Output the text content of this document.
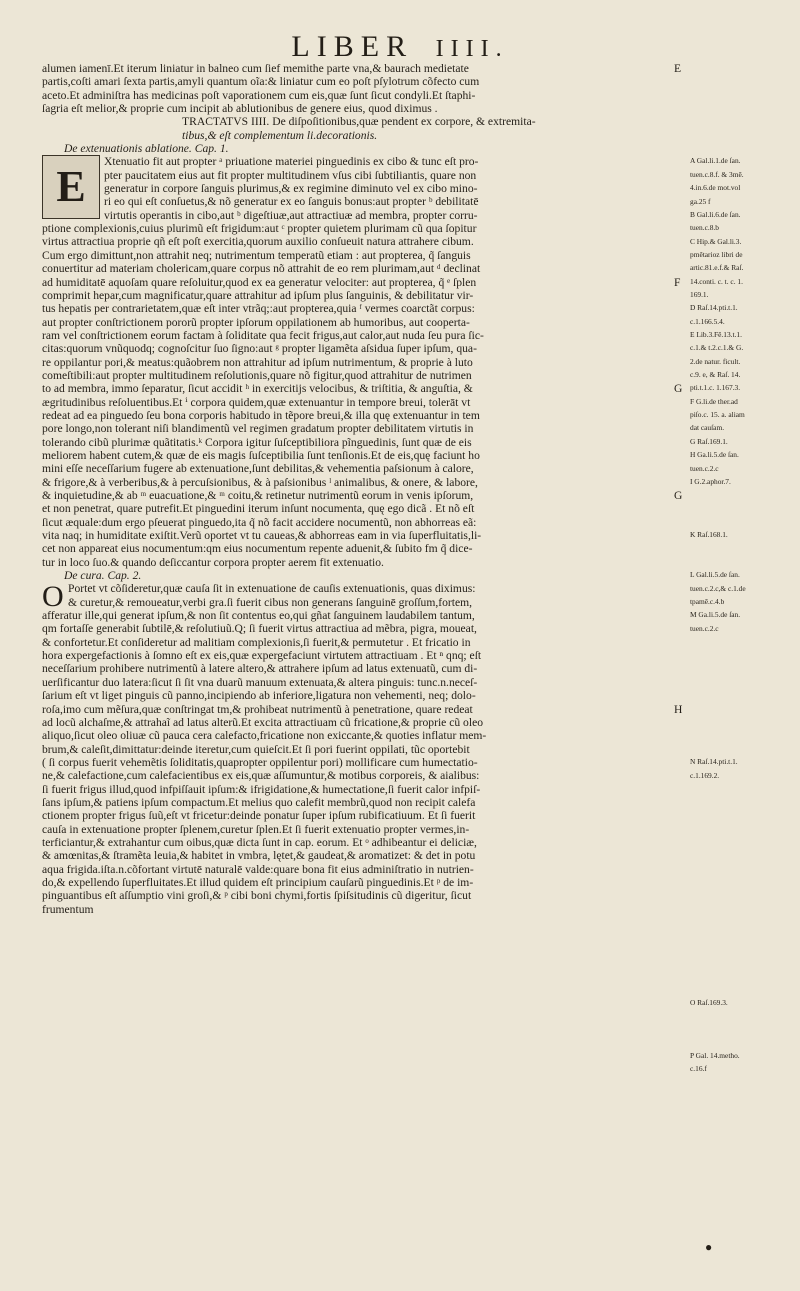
LIBER IIII.
E
O
E
alumen iamenī.Et iterum liniatur in balneo cum ſief memithe parte vna,& baurach medietate
partis,coſti amari ſexta partis,amyli quantum oĩa:& liniatur cum eo poſt pſylotrum cõfecto cum
aceto.Et adminiſtra has medicinas poſt vaporationem cum eis,quæ ſunt ſicut condyli.Et ſtaphi-
ſagria eſt melior,& proprie cum incipit ab ablutionibus de genere eius, quod diximus .
TRACTATVS IIII. De diſpoſitionibus,quæ pendent ex corpore, & extremita-
tibus,& eſt complementum li.decorationis.
De extenuationis ablatione. Cap. 1.
Xtenuatio fit aut propter ᵃ priuatione materiei pinguedinis ex cibo & tunc eſt pro-
pter paucitatem eius aut fit propter multitudinem vſus cibi ſubtiliantis, quare non
generatur in corpore ſanguis plurimus,& ex regimine diminuto vel ex cibo mino-
ri eo qui eſt conſuetus,& nõ generatur ex eo ſanguis bonus:aut propter ᵇ debilitatē
virtutis operantis in cibo,aut ᵇ digeſtiuæ,aut attractiuæ ad membra, propter corru-
ptione complexionis,cuius plurimũ eſt frigidum:aut ᶜ propter quietem plurimam cũ qua ſopitur
virtus attractiua proprie qñ eſt poſt exercitia,quorum auxilio conſueuit natura attrahere cibum.
Cum ergo dimittunt,non attrahit neq; nutrimentum temperatũ etiam : aut propterea, q̃ ſanguis
conuertitur ad materiam cholericam,quare corpus nõ attrahit de eo rem plurimam,aut ᵈ declinat
F
ad humiditatē aquoſam quare reſoluitur,quod ex ea generatur velociter: aut propterea, q̃ ᵉ ſplen
comprimit hepar,cum magnificatur,quare attrahitur ad ipſum plus ſanguinis, & debilitatur vir-
tus hepatis per contrarietatem,quæ eſt inter vtrãq;:aut propterea,quia ᶠ vermes coarctãt corpus:
aut propter conſtrictionem pororũ propter ipſorum oppilationem ab humoribus, aut cooperta-
ram vel conſtrictionem eorum factam à ſoliditate qua fecit frigus,aut calor,aut nuda ſeu pura ſic-
citas:quorum vnũquodq; cognoſcitur ſuo ſigno:aut ᵍ propter ligamẽta aſsidua ſuper ipſum, qua-
re oppilantur pori,& meatus:quãobrem non attrahitur ad ipſum nutrimentum, & proprie à luto
comeſtibili:aut propter multitudinem reſolutionis,quare nõ figitur,quod attrahitur de nutrimen
G
to ad membra, immo ſeparatur, ſicut accidit ʰ in exercitijs velocibus, & triſtitia, & anguſtia, &
ægritudinibus reſoluentibus.Et ⁱ corpora quidem,quæ extenuantur in tempore breui, tolerāt vt
redeat ad ea pinguedo ſeu bona corporis habitudo in tẽpore breui,& illa quę extenuantur in tem
pore longo,non tolerant niſi blandimentũ vel regimen gradatum propter debilitatem virtutis in
tolerando cibũ plurimæ quãtitatis.ᵏ Corpora igitur ſuſceptibiliora pĩnguedinis, ſunt quæ de eis
meliorem habent cutem,& quæ de eis magis ſuſceptibilia ſunt tenſionis.Et de eis,quę faciunt ho
mini eſſe neceſſarium fugere ab extenuatione,ſunt debilitas,& vehementia paſsionum à calore,
& frigore,& à verberibus,& à percuſsionibus, & à paſsionibus ˡ animalibus, & onere, & labore,
G
& inquietudine,& ab ᵐ euacuatione,& ᵐ coitu,& retinetur nutrimentũ eorum in venis ipſorum,
et non penetrat, quare putrefit.Et pinguedini iterum inſunt nocumenta, quę ego dicã . Et nõ eſt
ſicut æquale:dum ergo pſeuerat pinguedo,ita q̃ nõ facit accidere nocumentũ, non abhorreas eã:
vita naq; in humiditate exiſtit.Verũ oportet vt tu caueas,& abhorreas eam in via ſuperfluitatis,li-
cet non appareat eius nocumentum:qm eius nocumentum repente aduenit,& ſubito fm q̃ dice-
tur in loco ſuo.& quando deſiccantur corpora propter aerem fit extenuatio.
De cura. Cap. 2.
Portet vt cõſideretur,quæ cauſa ſit in extenuatione de cauſis extenuationis, quas diximus:
& curetur,& remoueatur,verbi gra.ſi fuerit cibus non generans ſanguinē groſſum,fortem,
afferatur ille,qui generat ipſum,& non ſit contentus eo,qui gñat ſanguinem laudabilem tantum,
qm fortaſſe generabit ſubtilē,& reſolutiuũ.Q; ſi fuerit virtus attractiua ad mẽbra, pigra, moueat,
& confortetur.Et conſideretur ad malitiam complexionis,ſi fuerit,& permutetur . Et fricatio in
hora expergefactionis à ſomno eſt ex eis,quæ expergefaciunt virtutem attractiuam . Et ⁿ qnq; eſt
neceſſarium prohibere nutrimentũ à latere altero,& attrahere ipſum ad latus extenuatũ, cum di-
uerſificantur duo latera:ſicut ſi ſit vna duarũ manuum extenuata,& altera pinguis: tunc.n.neceſ-
ſarium eſt vt liget pinguis cũ panno,incipiendo ab inferiore,ligatura non vehementi, neq; dolo-
H
roſa,imo cum mẽſura,quæ conſtringat tm,& prohibeat nutrimentũ à penetratione, quare redeat
ad locũ alchaſme,& attrahaĩ ad latus alterũ.Et excita attractiuam cũ fricatione,& proprie cũ oleo
aliquo,ſicut oleo oliuæ cũ pauca cera calefacto,fricatione non exiccante,& quoties inflatur mem-
brum,& caleſit,dimittatur:deinde iteretur,cum quieſcit.Et ſi pori fuerint oppilati, tũc oportebit
( ſi corpus fuerit vehemẽtis ſoliditatis,quapropter oppilentur pori) mollificare cum humectatio-
ne,& calefactione,cum calefacientibus ex eis,quæ aſſumuntur,& motibus corporeis, & aialibus:
ſi fuerit frigus illud,quod infpiſſauit ipſum:& ifrigidatione,& humectatione,ſi fuerit calor infpiſ-
ſans ipſum,& patiens ipſum compactum.Et melius quo calefit membrũ,quod non recipit calefa
ctionem propter frigus ſuũ,eſt vt fricetur:deinde ponatur ſuper ipſum rubificatiuum. Et ſi fuerit
cauſa in extenuatione propter ſplenem,curetur ſplen.Et ſi fuerit extenuatio propter vermes,in-
terficiantur,& extrahantur cum oibus,quæ dicta ſunt in cap. eorum. Et ᵒ adhibeantur ei deliciæ,
& amœnitas,& ſtramẽta leuia,& habitet in vmbra, lętet,& gaudeat,& aromatizet: & det in potu
aqua frigida.iſta.n.cõfortant virtutē naturalē valde:quare bona fit eius adminiſtratio in nutrien-
do,& expellendo ſuperfluitates.Et illud quidem eſt principium cauſarũ pinguedinis.Et ᵖ de im-
pinguantibus eſt aſſumptio vini groſi,& ᵖ cibi boni chymi,fortis ſpiſsitudinis cũ digeritur, ſicut
frumentum
A Gal.li.1.de ſan.
tuen.c.8.f. & 3mē.
4.in.6.de mot.vol
ga.25 f
B Gal.li.6.de ſan.
tuen.c.8.b
C Hip.& Gal.li.3.
pmẽtarioz libri de
artic.81.e.f.& Raſ.
14.conti. c. t. c. 1.
169.1.
D Raſ.14.pti.t.1.
c.1.166.5.4.
E Lib.3.Fē.13.t.1.
c.1.& t.2.c.1.& G.
2.de natur. ficult.
c.9. e, & Raſ. 14.
pti.t.1.c. 1.167.3.
F G.li.de ther.ad
piſo.c. 15. a. aliam
dat cauſam.
G Raſ.169.1.
H Ga.li.5.de ſan.
tuen.c.2.c
I G.2.aphor.7.
K Raſ.168.1.
L Gal.li.5.de ſan.
tuen.c.2.c,& c.1.de
tpamē.c.4.b
M Ga.li.5.de ſan.
tuen.c.2.c
N Raſ.14.pti.t.1.
c.1.169.2.
O Raſ.169.3.
P Gal. 14.metho.
c.16.f
●
